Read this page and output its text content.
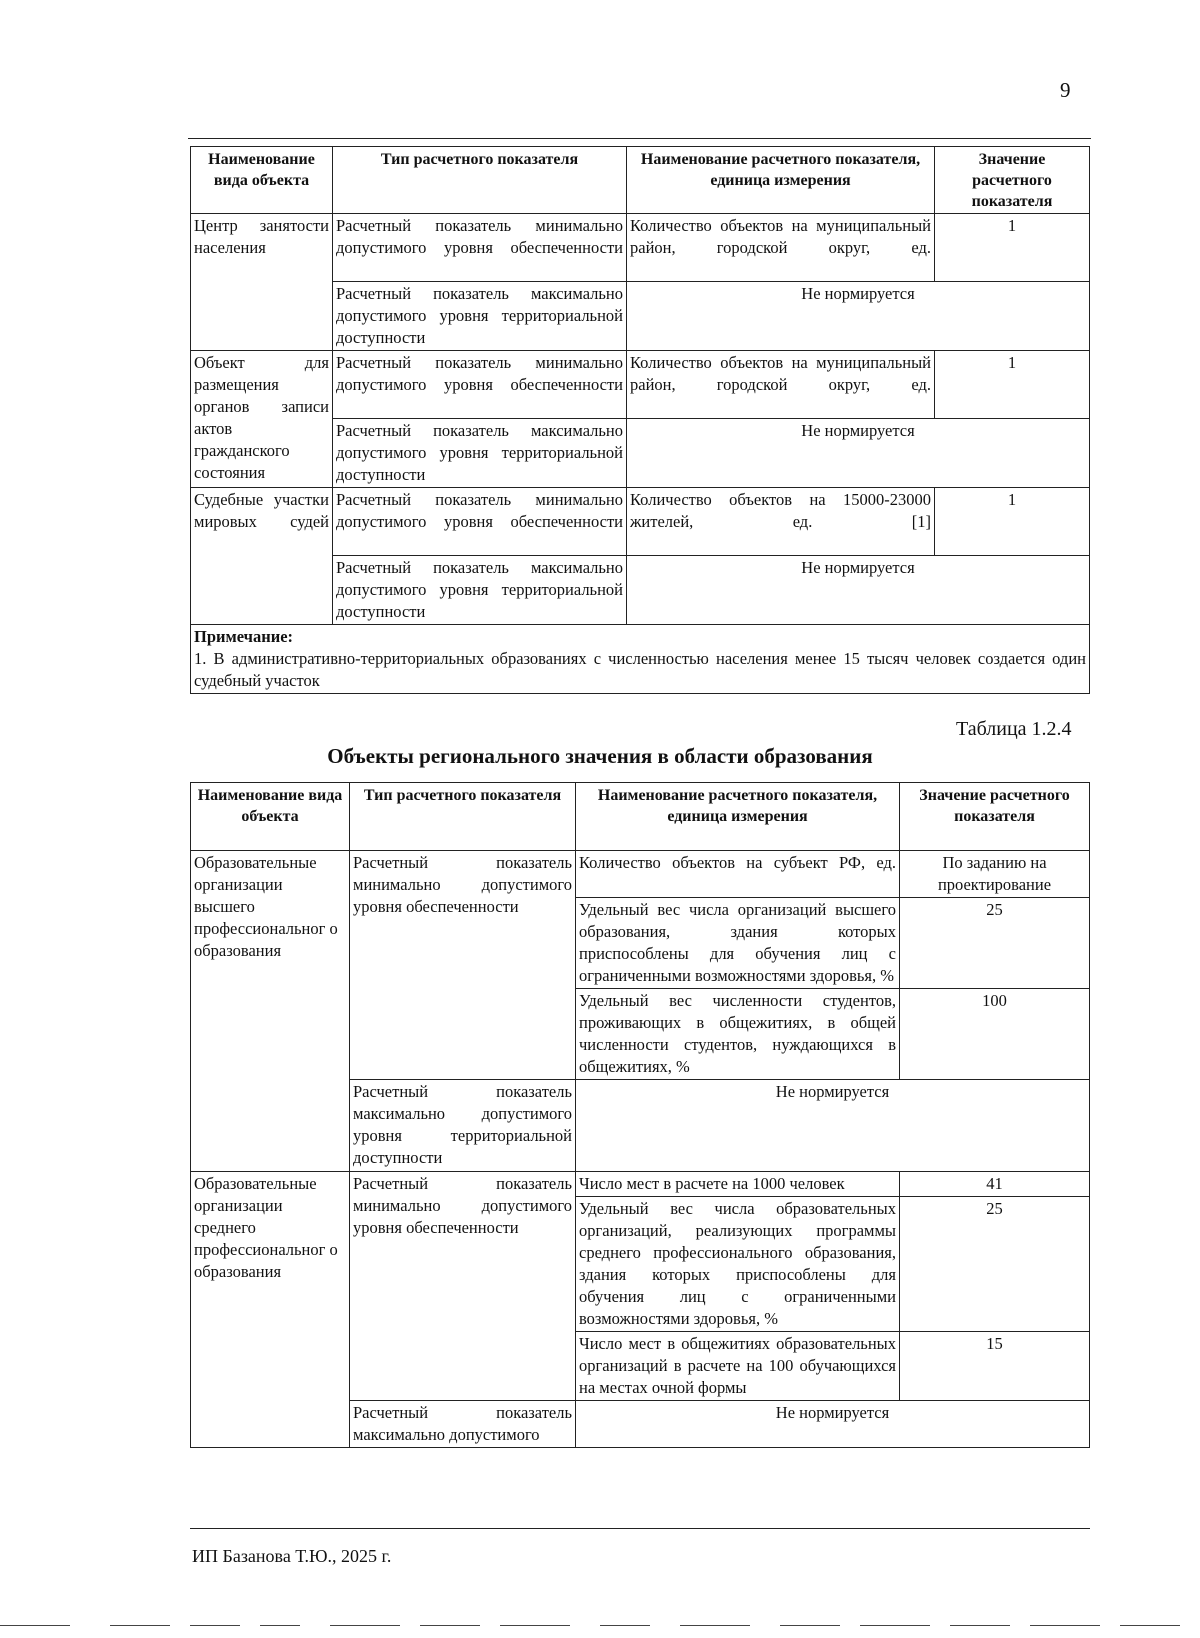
9
Наименование вида объекта	Тип расчетного показателя	Наименование расчетного показателя, единица измерения	Значение расчетного показателя
Центр занятости населения	Расчетный показатель минимально допустимого уровня обеспеченности	Количество объектов на муниципальный район, городской округ, ед.	1
	Расчетный показатель максимально допустимого уровня территориальной доступности	Не нормируется	
Объект для размещения органов записи актов гражданского состояния	Расчетный показатель минимально допустимого уровня обеспеченности	Количество объектов на муниципальный район, городской округ, ед.	1
	Расчетный показатель максимально допустимого уровня территориальной доступности	Не нормируется	
Судебные участки мировых судей	Расчетный показатель минимально допустимого уровня обеспеченности	Количество объектов на 15000-23000 жителей, ед. [1]	1
	Расчетный показатель максимально допустимого уровня территориальной доступности	Не нормируется	

Примечание:
1. В административно-территориальных образованиях с численностью населения менее 15 тысяч человек создается один судебный участок			
Таблица 1.2.4
Объекты регионального значения в области образования
Наименование вида объекта	Тип расчетного показателя	Наименование расчетного показателя, единица измерения	Значение расчетного показателя
Образовательные организации высшего профессиональног о образования	Расчетный показатель минимально допустимого уровня обеспеченности	Количество объектов на субъект РФ, ед.	По заданию на проектирование
		Удельный вес числа организаций высшего образования, здания которых приспособлены для обучения лиц с ограниченными возможностями здоровья, %	25
		Удельный вес численности студентов, проживающих в общежитиях, в общей численности студентов, нуждающихся в общежитиях, %	100
	Расчетный показатель максимально допустимого уровня территориальной доступности	Не нормируется	
Образовательные организации среднего профессиональног о образования	Расчетный показатель минимально допустимого уровня обеспеченности	Число мест в расчете на 1000 человек	41
		Удельный вес числа образовательных организаций, реализующих программы среднего профессионального образования, здания которых приспособлены для обучения лиц с ограниченными возможностями здоровья, %	25
		Число мест в общежитиях образовательных организаций в расчете на 100 обучающихся на местах очной формы	15
	Расчетный показатель максимально допустимого	Не нормируется	
ИП Базанова Т.Ю., 2025 г.
